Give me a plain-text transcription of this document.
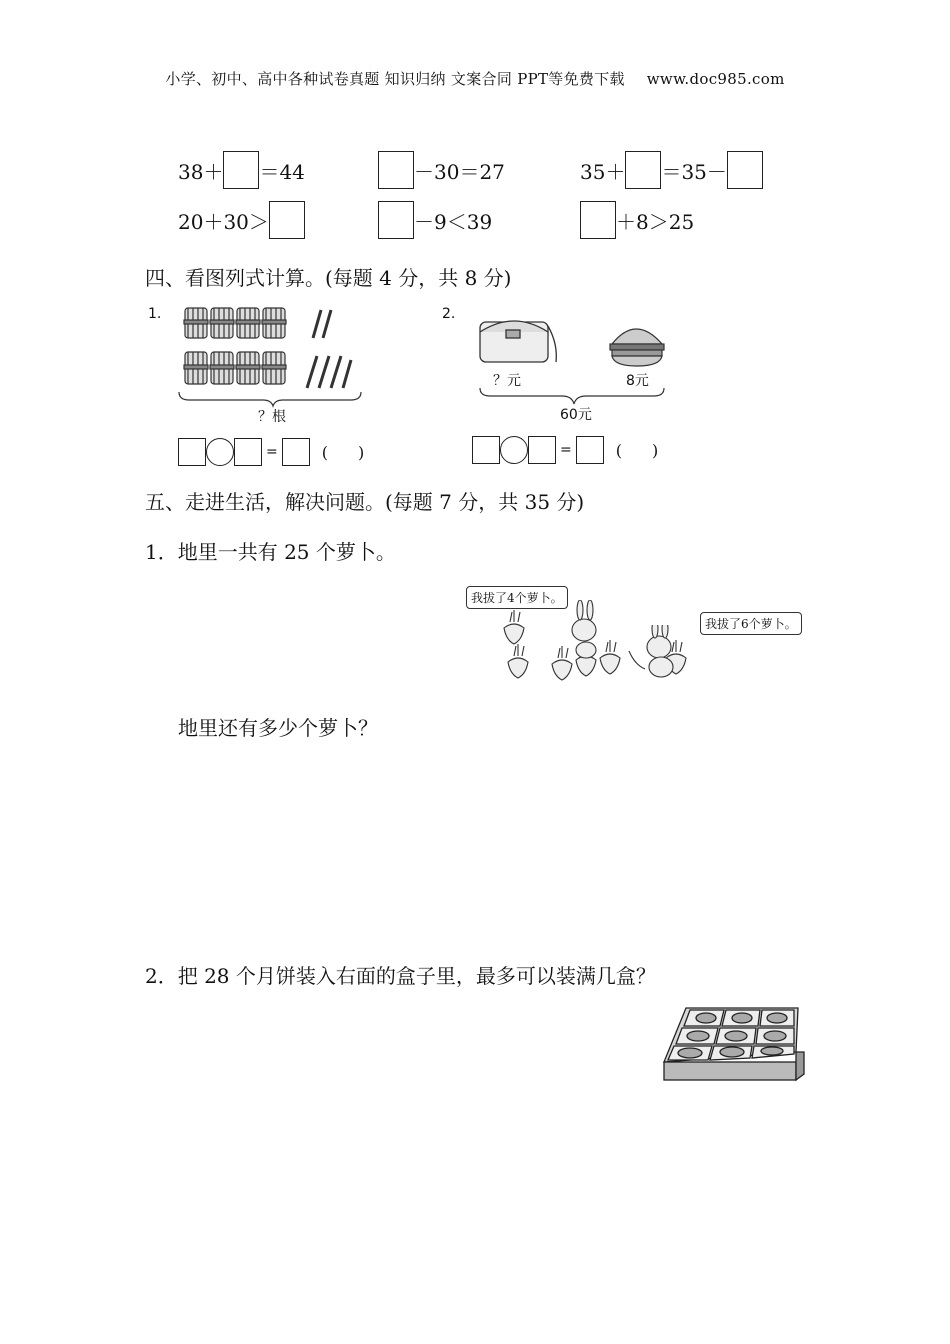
小学、初中、高中各种试卷真题 知识归纳 文案合同 PPT等免费下载 www.doc985.com
38＋ ＝44	－30＝27	35＋ ＝35－
20＋30＞	－9＜39	＋8＞25
四、看图列式计算。(每题 4 分，共 8 分)
1.
？根
=	()
2.
？元	8元
60元
=	()
五、走进生活，解决问题。(每题 7 分，共 35 分)
1．地里一共有 25 个萝卜。
我拔了4个萝卜。
我拔了6个萝卜。
地里还有多少个萝卜？
2．把 28 个月饼装入右面的盒子里，最多可以装满几盒？
